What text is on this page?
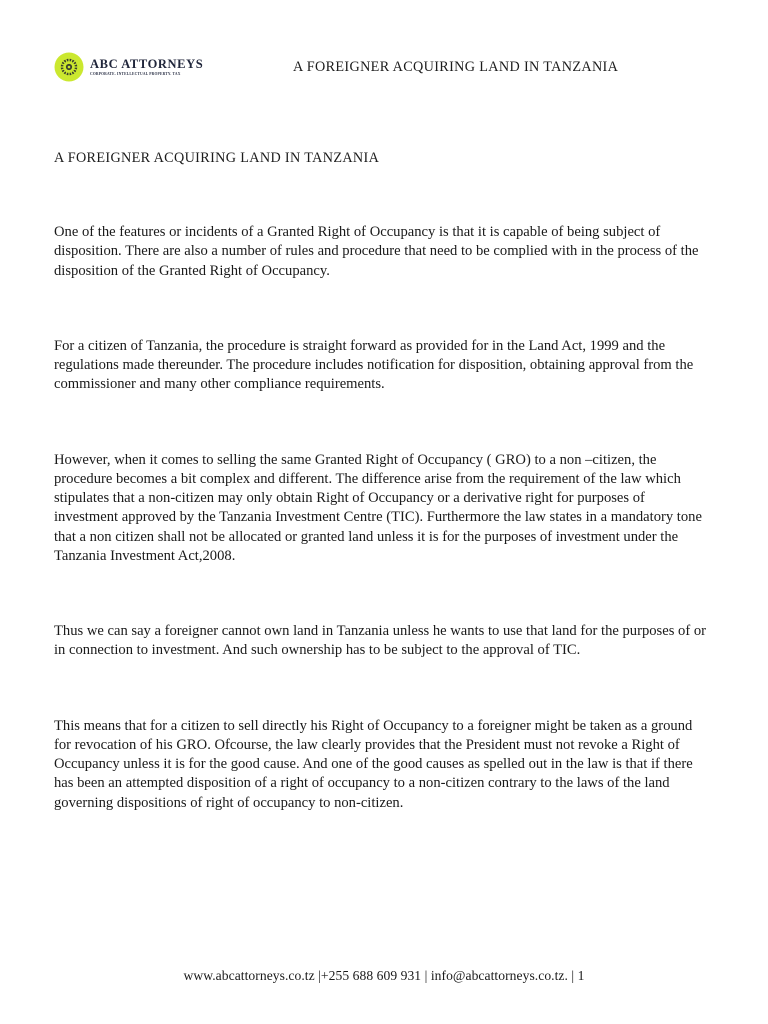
ABC ATTORNEYS
CORPORATE. INTELLECTUAL PROPERTY. TAX	A FOREIGNER ACQUIRING LAND IN TANZANIA
A FOREIGNER ACQUIRING LAND IN TANZANIA

One of the features or incidents of a Granted Right of Occupancy is that it is capable of being subject of disposition. There are also a number of rules and procedure that need to be complied with in the process of the disposition of the Granted Right of Occupancy.

For a citizen of Tanzania, the procedure is straight forward as provided for in the Land Act, 1999 and the regulations made thereunder. The procedure includes notification for disposition, obtaining approval from the commissioner and many other compliance requirements.

However, when it comes to selling the same Granted Right of Occupancy ( GRO) to a non –citizen, the procedure becomes a bit complex and different. The difference arise from the requirement of the law which stipulates that a non-citizen may only obtain Right of Occupancy or a derivative right for purposes of investment approved by the Tanzania Investment Centre (TIC). Furthermore the law states in a mandatory tone that a non citizen shall not be allocated or granted land unless it is for the purposes of investment under the Tanzania Investment Act,2008.

Thus we can say a foreigner cannot own land in Tanzania unless he wants to use that land for the purposes of or in connection to investment. And such ownership has to be subject to the approval of TIC.

This means that for a citizen to sell directly his Right of Occupancy to a foreigner might be taken as a ground for revocation of his GRO. Ofcourse, the law clearly provides that the President must not revoke a Right of Occupancy unless it is for the good cause. And one of the good causes as spelled out in the law is that if there has been an attempted disposition of a right of occupancy to a non-citizen contrary to the laws of the land governing dispositions of right of occupancy to non-citizen.

www.abcattorneys.co.tz |+255 688 609 931 | info@abcattorneys.co.tz. | 1
